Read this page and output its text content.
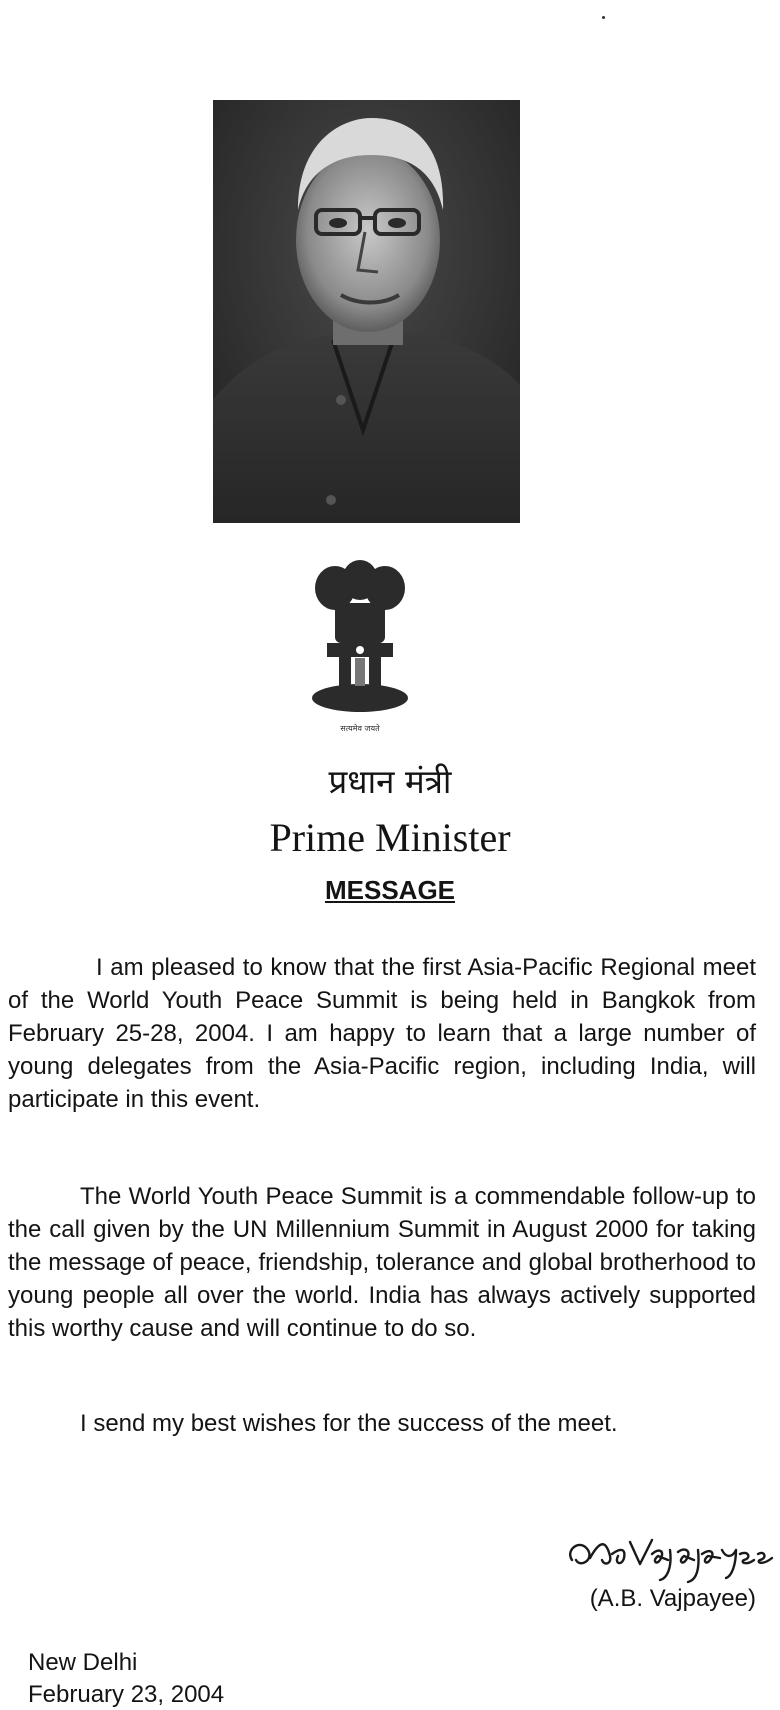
सत्यमेव जयते
प्रधान मंत्री
Prime Minister
MESSAGE

I am pleased to know that the first Asia-Pacific Regional meet of the World Youth Peace Summit is being held in Bangkok from February 25-28, 2004. I am happy to learn that a large number of young delegates from the Asia-Pacific region, including India, will participate in this event.

The World Youth Peace Summit is a commendable follow-up to the call given by the UN Millennium Summit in August 2000 for taking the message of peace, friendship, tolerance and global brotherhood to young people all over the world. India has always actively supported this worthy cause and will continue to do so.

I send my best wishes for the success of the meet.

(A.B. Vajpayee)
New Delhi
February 23, 2004
